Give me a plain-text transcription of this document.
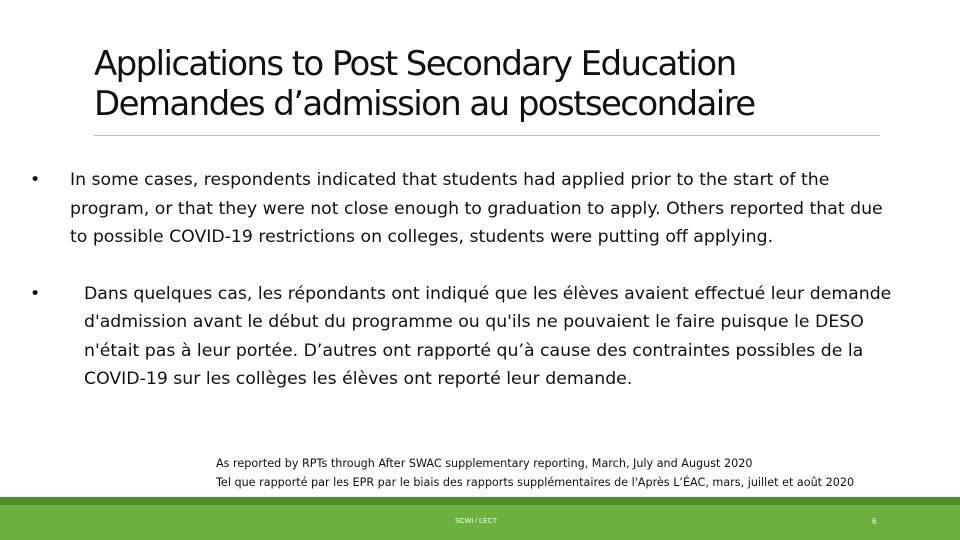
Applications to Post Secondary Education
Demandes d’admission au postsecondaire
• In some cases, respondents indicated that students had applied prior to the start of the program, or that they were not close enough to graduation to apply. Others reported that due to possible COVID-19 restrictions on colleges, students were putting off applying.
•	Dans quelques cas, les répondants ont indiqué que les élèves avaient effectué leur demande d'admission avant le début du programme ou qu'ils ne pouvaient le faire puisque le DESO n'était pas à leur portée. D’autres ont rapporté qu’à cause des contraintes possibles de la COVID-19 sur les collèges les élèves ont reporté leur demande.
As reported by RPTs through After SWAC supplementary reporting, March, July and August 2020
Tel que rapporté par les EPR par le biais des rapports supplémentaires de l'Après L’ÉAC, mars, juillet et août 2020
SCWI / LECT	6
